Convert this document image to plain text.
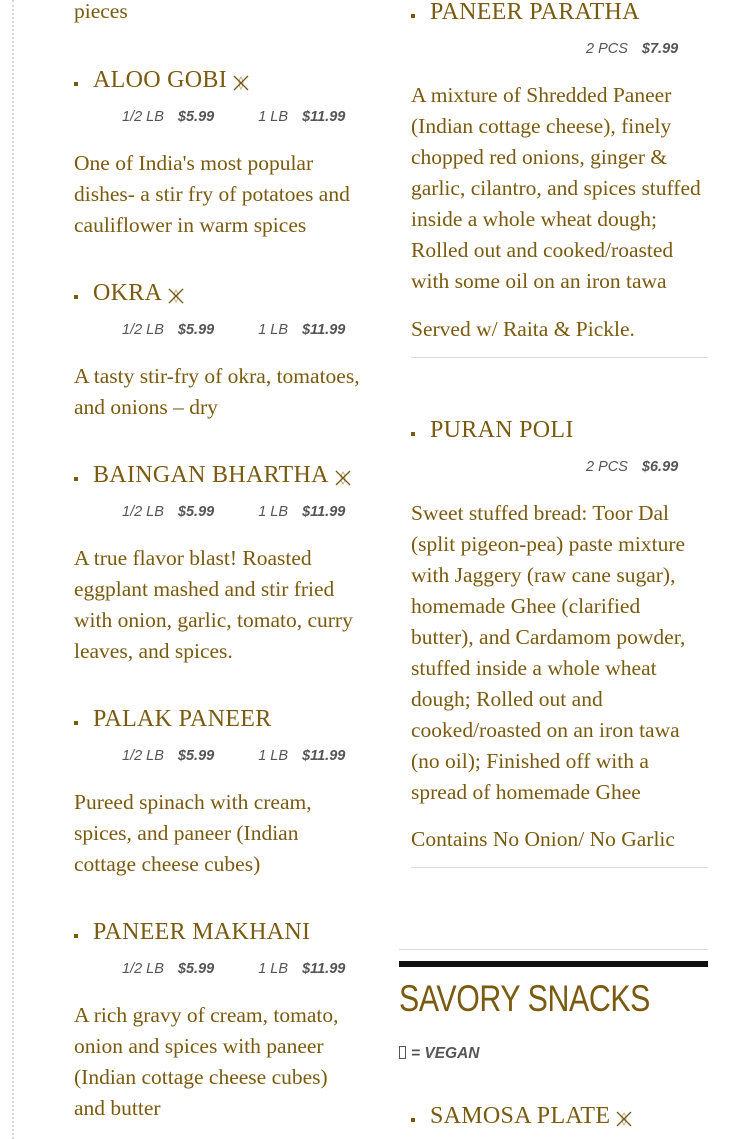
pieces

ALOO GOBI
1/2 LB $5.99	1 LB $11.99

One of India's most popular dishes- a stir fry of potatoes and cauliflower in warm spices

OKRA
1/2 LB $5.99	1 LB $11.99

A tasty stir-fry of okra, tomatoes, and onions – dry

BAINGAN BHARTHA
1/2 LB $5.99	1 LB $11.99

A true flavor blast! Roasted eggplant mashed and stir fried with onion, garlic, tomato, curry leaves, and spices.

PALAK PANEER
1/2 LB $5.99	1 LB $11.99

Pureed spinach with cream, spices, and paneer (Indian cottage cheese cubes)

PANEER MAKHANI
1/2 LB $5.99	1 LB $11.99

A rich gravy of cream, tomato, onion and spices with paneer (Indian cottage cheese cubes) and butter

PANEER PARATHA
2 PCS $7.99

A mixture of Shredded Paneer (Indian cottage cheese), finely chopped red onions, ginger & garlic, cilantro, and spices stuffed inside a whole wheat dough; Rolled out and cooked/roasted with some oil on an iron tawa

Served w/ Raita & Pickle.

PURAN POLI
2 PCS $6.99

Sweet stuffed bread: Toor Dal (split pigeon-pea) paste mixture with Jaggery (raw cane sugar), homemade Ghee (clarified butter), and Cardamom powder, stuffed inside a whole wheat dough; Rolled out and cooked/roasted on an iron tawa (no oil); Finished off with a spread of homemade Ghee

Contains No Onion/ No Garlic

SAVORY SNACKS
= VEGAN
SAMOSA PLATE
